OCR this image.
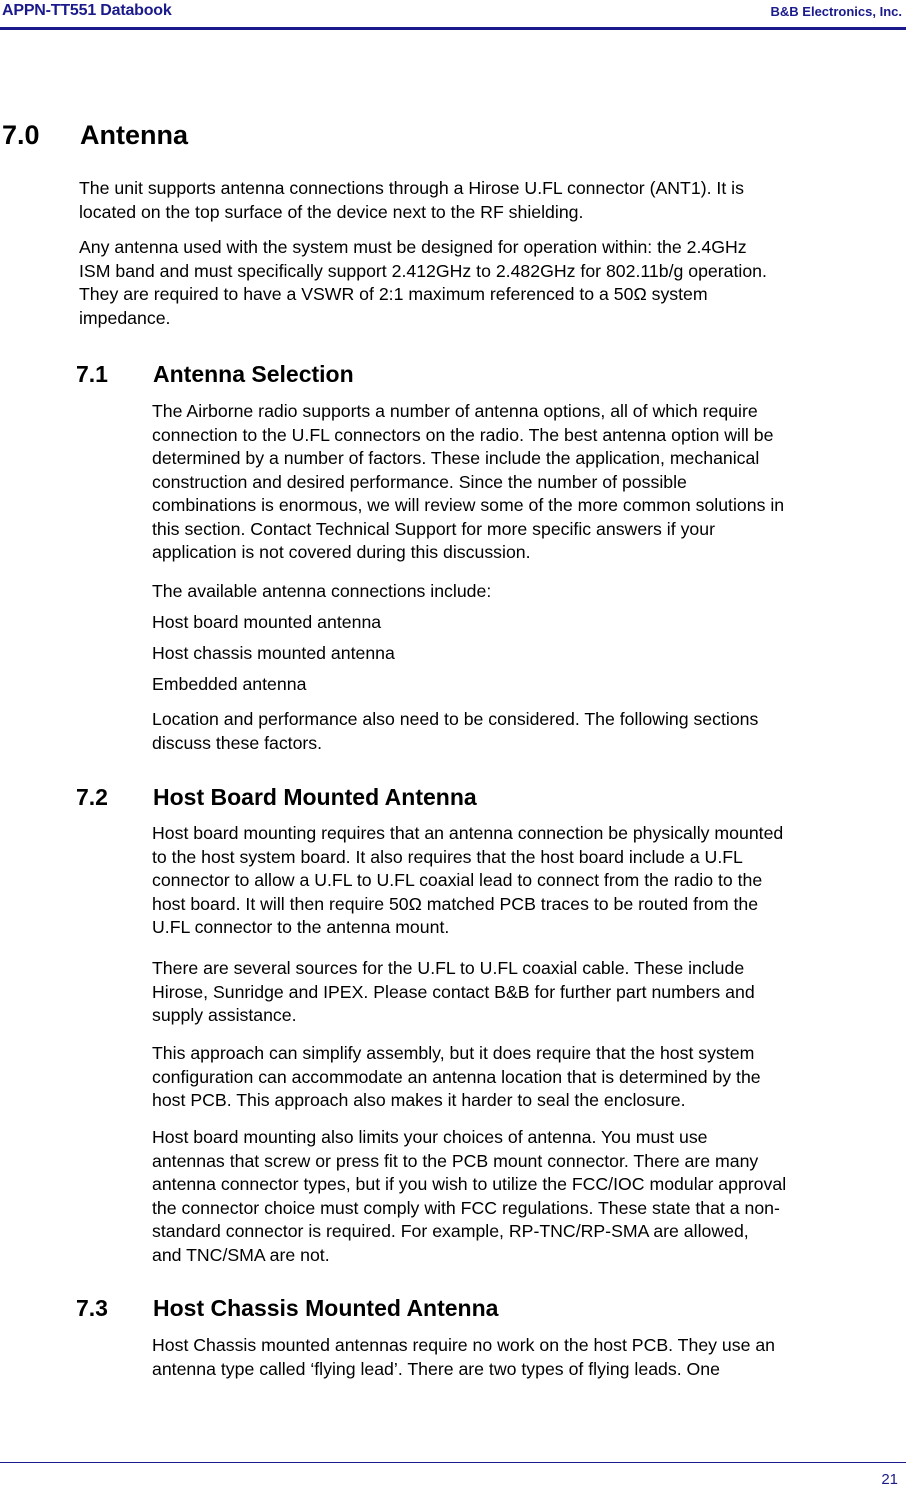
APPN-TT551 Databook	B&B Electronics, Inc.
7.0 Antenna
The unit supports antenna connections through a Hirose U.FL connector (ANT1). It is
located on the top surface of the device next to the RF shielding.
Any antenna used with the system must be designed for operation within: the 2.4GHz
ISM band and must specifically support 2.412GHz to 2.482GHz for 802.11b/g operation.
They are required to have a VSWR of 2:1 maximum referenced to a 50Ω system
impedance.
7.1 Antenna Selection
The Airborne radio supports a number of antenna options, all of which require
connection to the U.FL connectors on the radio. The best antenna option will be
determined by a number of factors. These include the application, mechanical
construction and desired performance. Since the number of possible
combinations is enormous, we will review some of the more common solutions in
this section. Contact Technical Support for more specific answers if your
application is not covered during this discussion.
The available antenna connections include:
Host board mounted antenna
Host chassis mounted antenna
Embedded antenna
Location and performance also need to be considered. The following sections
discuss these factors.
7.2 Host Board Mounted Antenna
Host board mounting requires that an antenna connection be physically mounted
to the host system board. It also requires that the host board include a U.FL
connector to allow a U.FL to U.FL coaxial lead to connect from the radio to the
host board. It will then require 50Ω matched PCB traces to be routed from the
U.FL connector to the antenna mount.
There are several sources for the U.FL to U.FL coaxial cable. These include
Hirose, Sunridge and IPEX. Please contact B&B for further part numbers and
supply assistance.
This approach can simplify assembly, but it does require that the host system
configuration can accommodate an antenna location that is determined by the
host PCB. This approach also makes it harder to seal the enclosure.
Host board mounting also limits your choices of antenna. You must use
antennas that screw or press fit to the PCB mount connector. There are many
antenna connector types, but if you wish to utilize the FCC/IOC modular approval
the connector choice must comply with FCC regulations. These state that a non-
standard connector is required. For example, RP-TNC/RP-SMA are allowed,
and TNC/SMA are not.
7.3 Host Chassis Mounted Antenna
Host Chassis mounted antennas require no work on the host PCB. They use an
antenna type called ‘flying lead’. There are two types of flying leads. One
21
